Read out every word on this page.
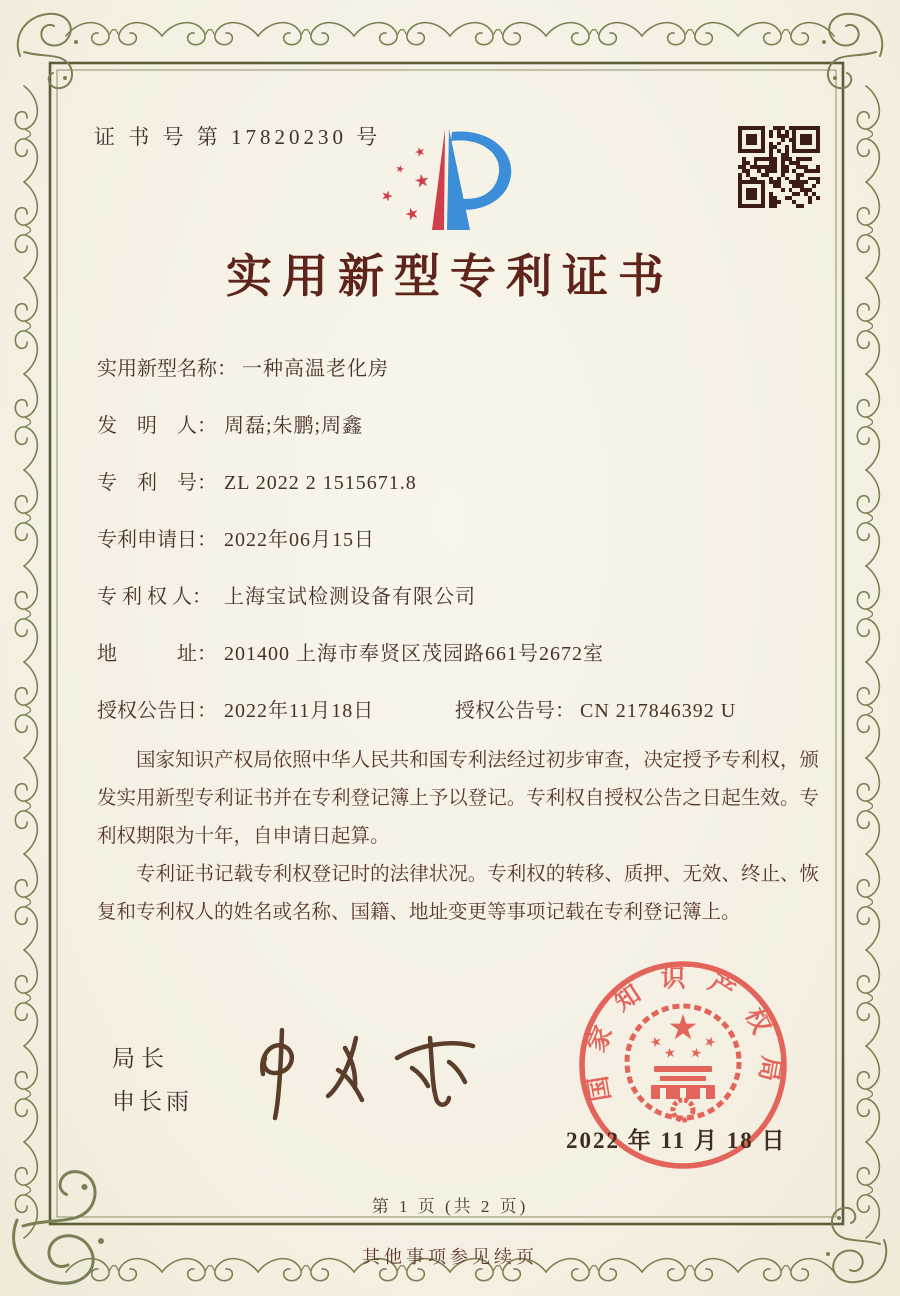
证 书 号 第 17820230 号
实用新型专利证书
实用新型名称： 一种高温老化房
发　明　人： 周磊;朱鹏;周鑫
专　利　号： ZL 2022 2 1515671.8
专利申请日： 2022年06月15日
专 利 权 人： 上海宝试检测设备有限公司
地　　　址： 201400 上海市奉贤区茂园路661号2672室
授权公告日： 2022年11月18日	授权公告号： CN 217846392 U

国家知识产权局依照中华人民共和国专利法经过初步审查，决定授予专利权，颁发实用新型专利证书并在专利登记簿上予以登记。专利权自授权公告之日起生效。专利权期限为十年，自申请日起算。

专利证书记载专利权登记时的法律状况。专利权的转移、质押、无效、终止、恢复和专利权人的姓名或名称、国籍、地址变更等事项记载在专利登记簿上。

局长
申长雨	国家知识产权局
2022 年 11 月 18 日
第 1 页 (共 2 页)
其他事项参见续页
